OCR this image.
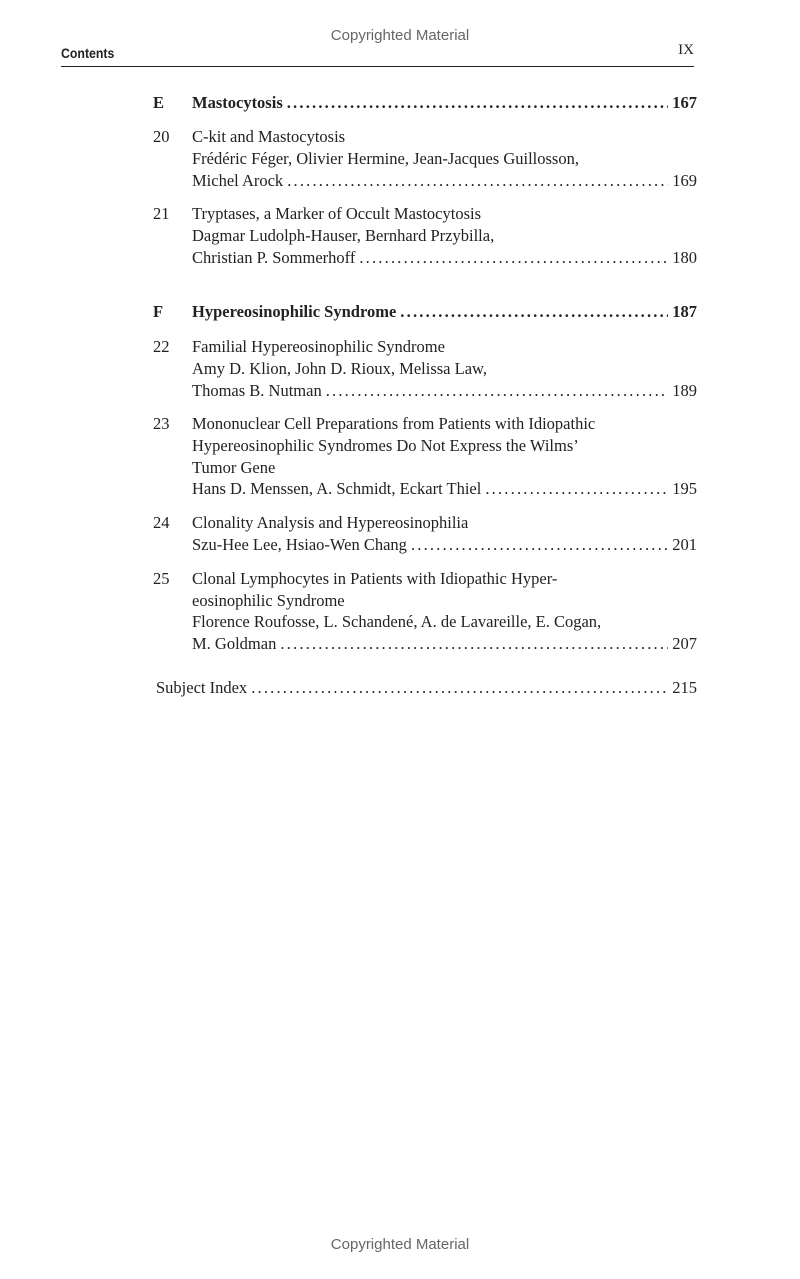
Copyrighted Material
Contents	IX
E	Mastocytosis .....	167
20	C-kit and Mastocytosis
Frédéric Féger, Olivier Hermine, Jean-Jacques Guillosson,
Michel Arock .....	169
21	Tryptases, a Marker of Occult Mastocytosis
Dagmar Ludolph-Hauser, Bernhard Przybilla,
Christian P. Sommerhoff .....	180
F	Hypereosinophilic Syndrome .....	187
22	Familial Hypereosinophilic Syndrome
Amy D. Klion, John D. Rioux, Melissa Law,
Thomas B. Nutman .....	189
23	Mononuclear Cell Preparations from Patients with Idiopathic
Hypereosinophilic Syndromes Do Not Express the Wilms’
Tumor Gene
Hans D. Menssen, A. Schmidt, Eckart Thiel .....	195
24	Clonality Analysis and Hypereosinophilia
Szu-Hee Lee, Hsiao-Wen Chang .....	201
25	Clonal Lymphocytes in Patients with Idiopathic Hyper-
eosinophilic Syndrome
Florence Roufosse, L. Schandené, A. de Lavareille, E. Cogan,
M. Goldman .....	207
Subject Index .....	215
Copyrighted Material
